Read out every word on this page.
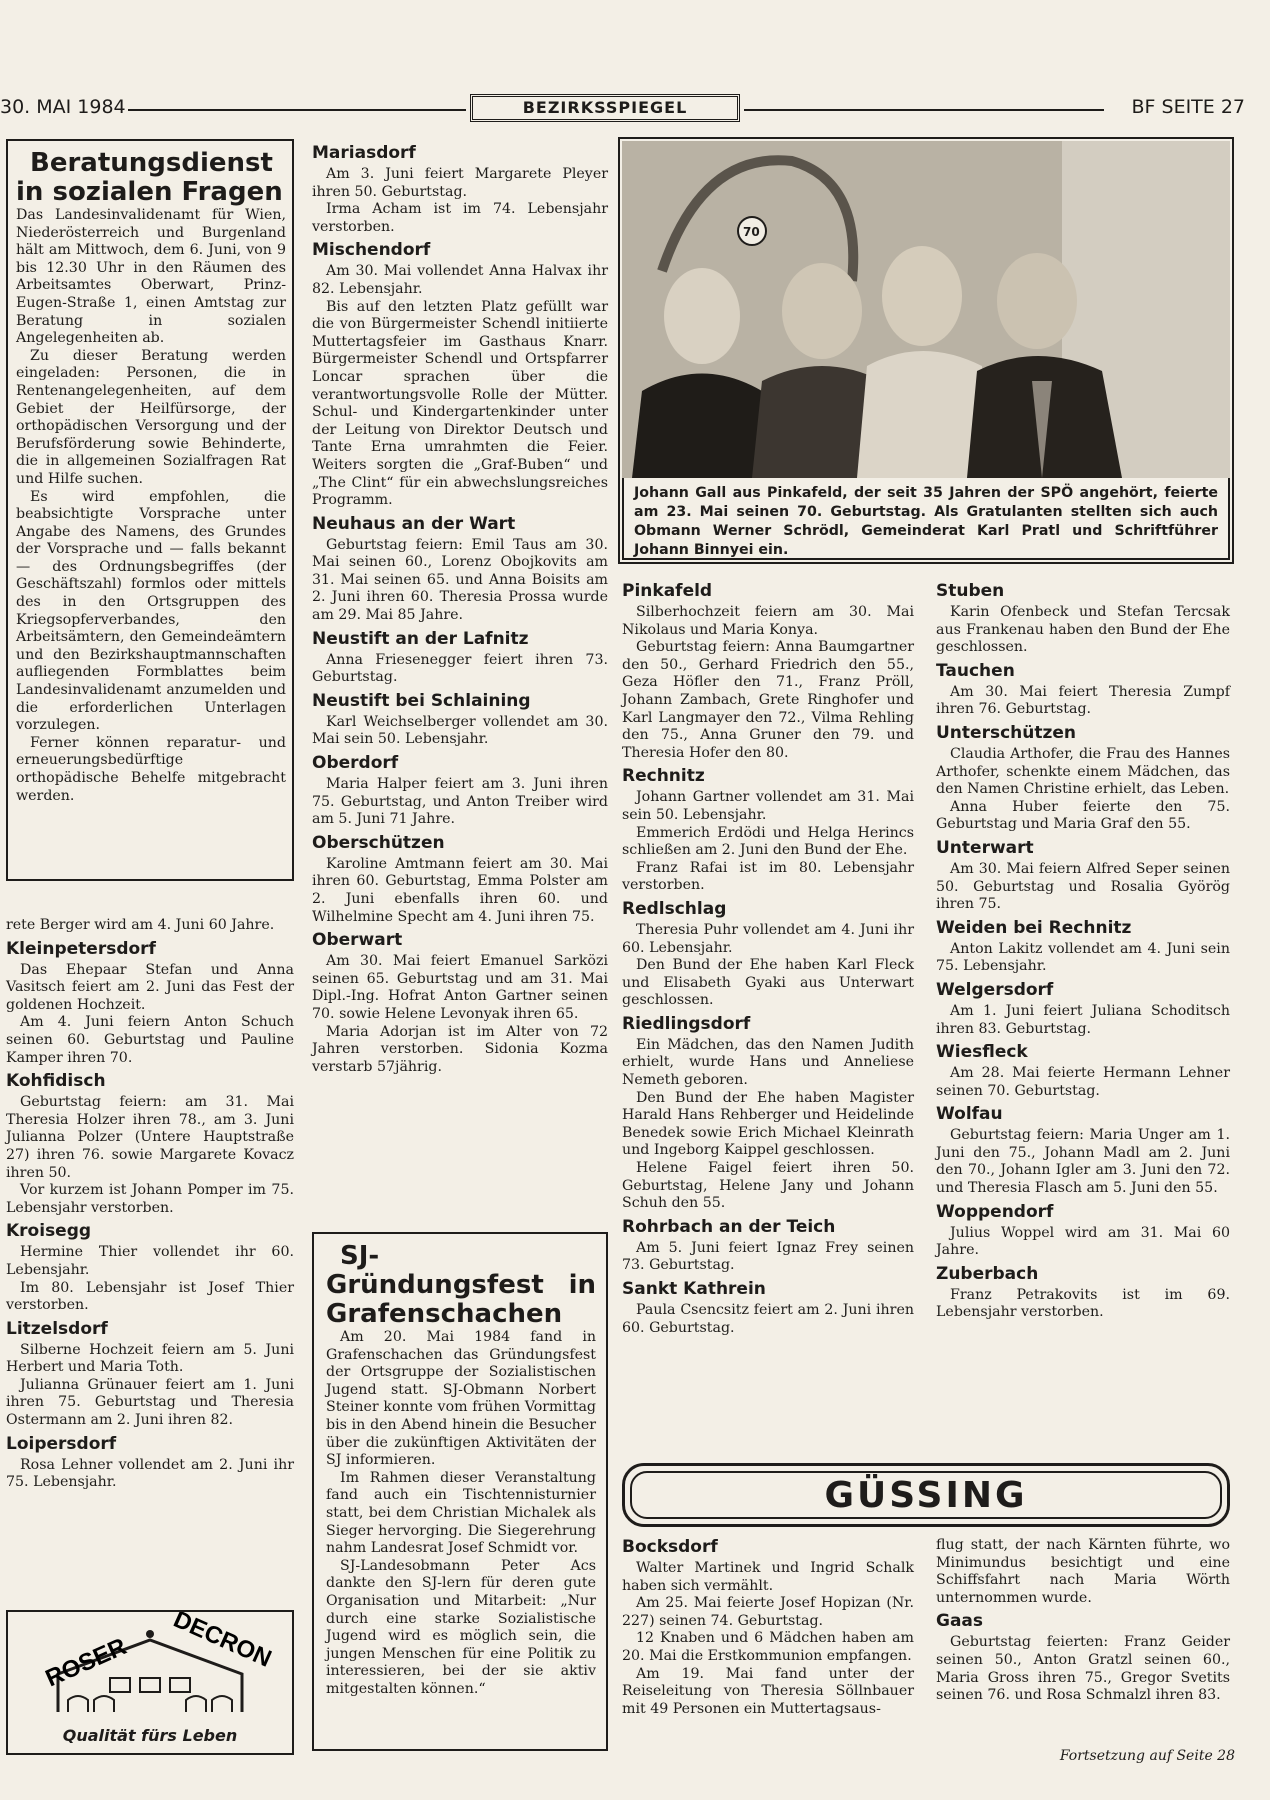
30. MAI 1984	BEZIRKSSPIEGEL	BF SEITE 27

Beratungsdienst in sozialen Fragen

Das Landesinvalidenamt für Wien, Niederösterreich und Burgenland hält am Mittwoch, dem 6. Juni, von 9 bis 12.30 Uhr in den Räumen des Arbeitsamtes Oberwart, Prinz-Eugen-Straße 1, einen Amtstag zur Beratung in sozialen Angelegenheiten ab.

Zu dieser Beratung werden eingeladen: Personen, die in Rentenangelegenheiten, auf dem Gebiet der Heilfürsorge, der orthopädischen Versorgung und der Berufsförderung sowie Behinderte, die in allgemeinen Sozialfragen Rat und Hilfe suchen.

Es wird empfohlen, die beabsichtigte Vorsprache unter Angabe des Namens, des Grundes der Vorsprache und — falls bekannt — des Ordnungsbegriffes (der Geschäftszahl) formlos oder mittels des in den Ortsgruppen des Kriegsopferverbandes, den Arbeitsämtern, den Gemeindeämtern und den Bezirkshauptmannschaften aufliegenden Formblattes beim Landesinvalidenamt anzumelden und die erforderlichen Unterlagen vorzulegen.

Ferner können reparatur- und erneuerungsbedürftige orthopädische Behelfe mitgebracht werden.

rete Berger wird am 4. Juni 60 Jahre.

Kleinpetersdorf

Das Ehepaar Stefan und Anna Vasitsch feiert am 2. Juni das Fest der goldenen Hochzeit.

Am 4. Juni feiern Anton Schuch seinen 60. Geburtstag und Pauline Kamper ihren 70.

Kohfidisch

Geburtstag feiern: am 31. Mai Theresia Holzer ihren 78., am 3. Juni Julianna Polzer (Untere Hauptstraße 27) ihren 76. sowie Margarete Kovacz ihren 50.

Vor kurzem ist Johann Pomper im 75. Lebensjahr verstorben.

Kroisegg

Hermine Thier vollendet ihr 60. Lebensjahr.

Im 80. Lebensjahr ist Josef Thier verstorben.

Litzelsdorf

Silberne Hochzeit feiern am 5. Juni Herbert und Maria Toth.

Julianna Grünauer feiert am 1. Juni ihren 75. Geburtstag und Theresia Ostermann am 2. Juni ihren 82.

Loipersdorf

Rosa Lehner vollendet am 2. Juni ihr 75. Lebensjahr.

ROSER DECRON
Qualität fürs Leben

Mariasdorf

Am 3. Juni feiert Margarete Pleyer ihren 50. Geburtstag.

Irma Acham ist im 74. Lebensjahr verstorben.

Mischendorf

Am 30. Mai vollendet Anna Halvax ihr 82. Lebensjahr.

Bis auf den letzten Platz gefüllt war die von Bürgermeister Schendl initiierte Muttertagsfeier im Gasthaus Knarr. Bürgermeister Schendl und Ortspfarrer Loncar sprachen über die verantwortungsvolle Rolle der Mütter. Schul- und Kindergartenkinder unter der Leitung von Direktor Deutsch und Tante Erna umrahmten die Feier. Weiters sorgten die „Graf-Buben“ und „The Clint“ für ein abwechslungsreiches Programm.

Neuhaus an der Wart

Geburtstag feiern: Emil Taus am 30. Mai seinen 60., Lorenz Obojkovits am 31. Mai seinen 65. und Anna Boisits am 2. Juni ihren 60. Theresia Prossa wurde am 29. Mai 85 Jahre.

Neustift an der Lafnitz

Anna Friesenegger feiert ihren 73. Geburtstag.

Neustift bei Schlaining

Karl Weichselberger vollendet am 30. Mai sein 50. Lebensjahr.

Oberdorf

Maria Halper feiert am 3. Juni ihren 75. Geburtstag, und Anton Treiber wird am 5. Juni 71 Jahre.

Oberschützen

Karoline Amtmann feiert am 30. Mai ihren 60. Geburtstag, Emma Polster am 2. Juni ebenfalls ihren 60. und Wilhelmine Specht am 4. Juni ihren 75.

Oberwart

Am 30. Mai feiert Emanuel Sarközi seinen 65. Geburtstag und am 31. Mai Dipl.-Ing. Hofrat Anton Gartner seinen 70. sowie Helene Levonyak ihren 65.

Maria Adorjan ist im Alter von 72 Jahren verstorben. Sidonia Kozma verstarb 57jährig.

SJ-Gründungsfest in Grafenschachen

Am 20. Mai 1984 fand in Grafenschachen das Gründungsfest der Ortsgruppe der Sozialistischen Jugend statt. SJ-Obmann Norbert Steiner konnte vom frühen Vormittag bis in den Abend hinein die Besucher über die zukünftigen Aktivitäten der SJ informieren.

Im Rahmen dieser Veranstaltung fand auch ein Tischtennisturnier statt, bei dem Christian Michalek als Sieger hervorging. Die Siegerehrung nahm Landesrat Josef Schmidt vor.

SJ-Landesobmann Peter Acs dankte den SJ-lern für deren gute Organisation und Mitarbeit: „Nur durch eine starke Sozialistische Jugend wird es möglich sein, die jungen Menschen für eine Politik zu interessieren, bei der sie aktiv mitgestalten können.“

70
Johann Gall aus Pinkafeld, der seit 35 Jahren der SPÖ angehört, feierte am 23. Mai seinen 70. Geburtstag. Als Gratulanten stellten sich auch Obmann Werner Schrödl, Gemeinderat Karl Pratl und Schriftführer Johann Binnyei ein.

Pinkafeld

Silberhochzeit feiern am 30. Mai Nikolaus und Maria Konya.

Geburtstag feiern: Anna Baumgartner den 50., Gerhard Friedrich den 55., Geza Höfler den 71., Franz Pröll, Johann Zambach, Grete Ringhofer und Karl Langmayer den 72., Vilma Rehling den 75., Anna Gruner den 79. und Theresia Hofer den 80.

Rechnitz

Johann Gartner vollendet am 31. Mai sein 50. Lebensjahr.

Emmerich Erdödi und Helga Herincs schließen am 2. Juni den Bund der Ehe.

Franz Rafai ist im 80. Lebensjahr verstorben.

Redlschlag

Theresia Puhr vollendet am 4. Juni ihr 60. Lebensjahr.

Den Bund der Ehe haben Karl Fleck und Elisabeth Gyaki aus Unterwart geschlossen.

Riedlingsdorf

Ein Mädchen, das den Namen Judith erhielt, wurde Hans und Anneliese Nemeth geboren.

Den Bund der Ehe haben Magister Harald Hans Rehberger und Heidelinde Benedek sowie Erich Michael Kleinrath und Ingeborg Kaippel geschlossen.

Helene Faigel feiert ihren 50. Geburtstag, Helene Jany und Johann Schuh den 55.

Rohrbach an der Teich

Am 5. Juni feiert Ignaz Frey seinen 73. Geburtstag.

Sankt Kathrein

Paula Csencsitz feiert am 2. Juni ihren 60. Geburtstag.

Stuben

Karin Ofenbeck und Stefan Tercsak aus Frankenau haben den Bund der Ehe geschlossen.

Tauchen

Am 30. Mai feiert Theresia Zumpf ihren 76. Geburtstag.

Unterschützen

Claudia Arthofer, die Frau des Hannes Arthofer, schenkte einem Mädchen, das den Namen Christine erhielt, das Leben.

Anna Huber feierte den 75. Geburtstag und Maria Graf den 55.

Unterwart

Am 30. Mai feiern Alfred Seper seinen 50. Geburtstag und Rosalia Györög ihren 75.

Weiden bei Rechnitz

Anton Lakitz vollendet am 4. Juni sein 75. Lebensjahr.

Welgersdorf

Am 1. Juni feiert Juliana Schoditsch ihren 83. Geburtstag.

Wiesfleck

Am 28. Mai feierte Hermann Lehner seinen 70. Geburtstag.

Wolfau

Geburtstag feiern: Maria Unger am 1. Juni den 75., Johann Madl am 2. Juni den 70., Johann Igler am 3. Juni den 72. und Theresia Flasch am 5. Juni den 55.

Woppendorf

Julius Woppel wird am 31. Mai 60 Jahre.

Zuberbach

Franz Petrakovits ist im 69. Lebensjahr verstorben.

GÜSSING

Bocksdorf

Walter Martinek und Ingrid Schalk haben sich vermählt.

Am 25. Mai feierte Josef Hopizan (Nr. 227) seinen 74. Geburtstag.

12 Knaben und 6 Mädchen haben am 20. Mai die Erstkommunion empfangen.

Am 19. Mai fand unter der Reiseleitung von Theresia Söllnbauer mit 49 Personen ein Muttertagsaus-

flug statt, der nach Kärnten führte, wo Minimundus besichtigt und eine Schiffsfahrt nach Maria Wörth unternommen wurde.

Gaas

Geburtstag feierten: Franz Geider seinen 50., Anton Gratzl seinen 60., Maria Gross ihren 75., Gregor Svetits seinen 76. und Rosa Schmalzl ihren 83.

Fortsetzung auf Seite 28
